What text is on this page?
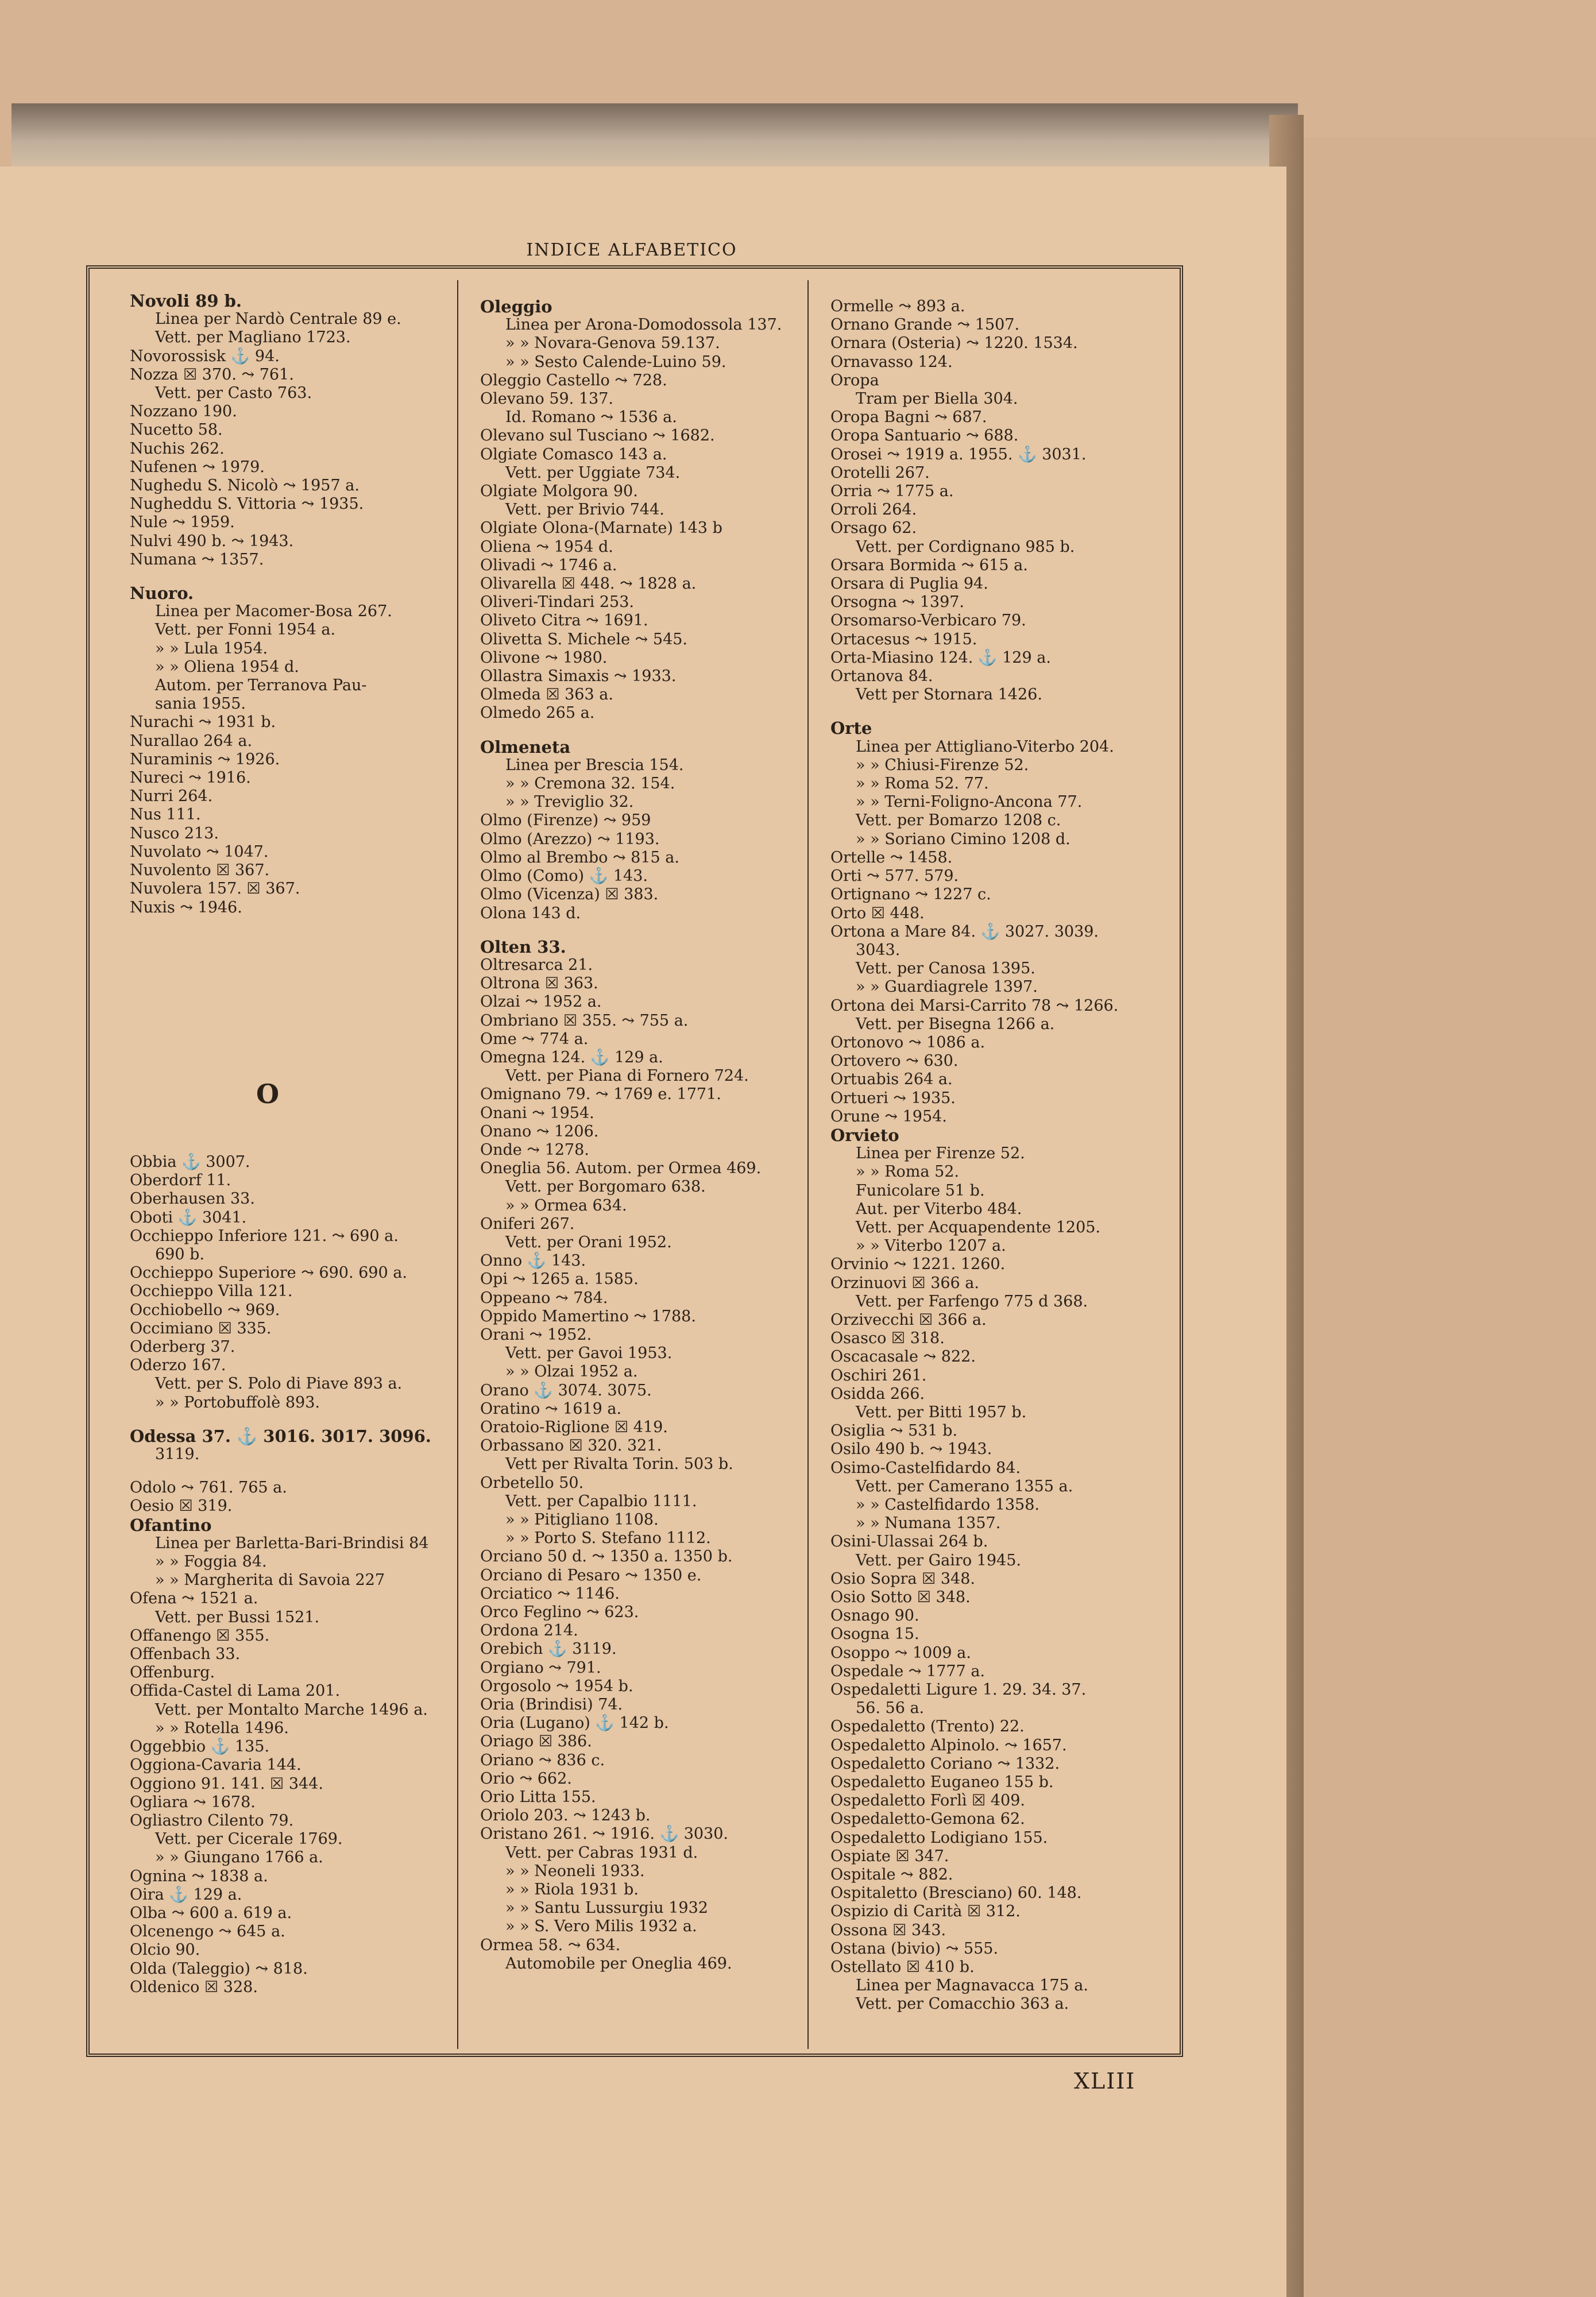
INDICE ALFABETICO
Novoli 89 b.
Linea per Nardò Centrale 89 e.
Vett. per Magliano 1723.
Novorossisk ⚓ 94.
Nozza ☒ 370. ⤳ 761.
Vett. per Casto 763.
Nozzano 190.
Nucetto 58.
Nuchis 262.
Nufenen ⤳ 1979.
Nughedu S. Nicolò ⤳ 1957 a.
Nugheddu S. Vittoria ⤳ 1935.
Nule ⤳ 1959.
Nulvi 490 b. ⤳ 1943.
Numana ⤳ 1357.
Nuoro.
Linea per Macomer-Bosa 267.
Vett. per Fonni 1954 a.
» » Lula 1954.
» » Oliena 1954 d.
Autom. per Terranova Pau-
sania 1955.
Nurachi ⤳ 1931 b.
Nurallao 264 a.
Nuraminis ⤳ 1926.
Nureci ⤳ 1916.
Nurri 264.
Nus 111.
Nusco 213.
Nuvolato ⤳ 1047.
Nuvolento ☒ 367.
Nuvolera 157. ☒ 367.
Nuxis ⤳ 1946.
O
Obbia ⚓ 3007.
Oberdorf 11.
Oberhausen 33.
Oboti ⚓ 3041.
Occhieppo Inferiore 121. ⤳ 690 a.
690 b.
Occhieppo Superiore ⤳ 690. 690 a.
Occhieppo Villa 121.
Occhiobello ⤳ 969.
Occimiano ☒ 335.
Oderberg 37.
Oderzo 167.
Vett. per S. Polo di Piave 893 a.
» » Portobuffolè 893.
Odessa 37. ⚓ 3016. 3017. 3096.
3119.
Odolo ⤳ 761. 765 a.
Oesio ☒ 319.
Ofantino
Linea per Barletta-Bari-Brindisi 84
» » Foggia 84.
» » Margherita di Savoia 227
Ofena ⤳ 1521 a.
Vett. per Bussi 1521.
Offanengo ☒ 355.
Offenbach 33.
Offenburg.
Offida-Castel di Lama 201.
Vett. per Montalto Marche 1496 a.
» » Rotella 1496.
Oggebbio ⚓ 135.
Oggiona-Cavaria 144.
Oggiono 91. 141. ☒ 344.
Ogliara ⤳ 1678.
Ogliastro Cilento 79.
Vett. per Cicerale 1769.
» » Giungano 1766 a.
Ognina ⤳ 1838 a.
Oira ⚓ 129 a.
Olba ⤳ 600 a. 619 a.
Olcenengo ⤳ 645 a.
Olcio 90.
Olda (Taleggio) ⤳ 818.
Oldenico ☒ 328.
Oleggio
Linea per Arona-Domodossola 137.
» » Novara-Genova 59.137.
» » Sesto Calende-Luino 59.
Oleggio Castello ⤳ 728.
Olevano 59. 137.
Id. Romano ⤳ 1536 a.
Olevano sul Tusciano ⤳ 1682.
Olgiate Comasco 143 a.
Vett. per Uggiate 734.
Olgiate Molgora 90.
Vett. per Brivio 744.
Olgiate Olona-(Marnate) 143 b
Oliena ⤳ 1954 d.
Olivadi ⤳ 1746 a.
Olivarella ☒ 448. ⤳ 1828 a.
Oliveri-Tindari 253.
Oliveto Citra ⤳ 1691.
Olivetta S. Michele ⤳ 545.
Olivone ⤳ 1980.
Ollastra Simaxis ⤳ 1933.
Olmeda ☒ 363 a.
Olmedo 265 a.
Olmeneta
Linea per Brescia 154.
» » Cremona 32. 154.
» » Treviglio 32.
Olmo (Firenze) ⤳ 959
Olmo (Arezzo) ⤳ 1193.
Olmo al Brembo ⤳ 815 a.
Olmo (Como) ⚓ 143.
Olmo (Vicenza) ☒ 383.
Olona 143 d.
Olten 33.
Oltresarca 21.
Oltrona ☒ 363.
Olzai ⤳ 1952 a.
Ombriano ☒ 355. ⤳ 755 a.
Ome ⤳ 774 a.
Omegna 124. ⚓ 129 a.
Vett. per Piana di Fornero 724.
Omignano 79. ⤳ 1769 e. 1771.
Onani ⤳ 1954.
Onano ⤳ 1206.
Onde ⤳ 1278.
Oneglia 56. Autom. per Ormea 469.
Vett. per Borgomaro 638.
» » Ormea 634.
Oniferi 267.
Vett. per Orani 1952.
Onno ⚓ 143.
Opi ⤳ 1265 a. 1585.
Oppeano ⤳ 784.
Oppido Mamertino ⤳ 1788.
Orani ⤳ 1952.
Vett. per Gavoi 1953.
» » Olzai 1952 a.
Orano ⚓ 3074. 3075.
Oratino ⤳ 1619 a.
Oratoio-Riglione ☒ 419.
Orbassano ☒ 320. 321.
Vett per Rivalta Torin. 503 b.
Orbetello 50.
Vett. per Capalbio 1111.
» » Pitigliano 1108.
» » Porto S. Stefano 1112.
Orciano 50 d. ⤳ 1350 a. 1350 b.
Orciano di Pesaro ⤳ 1350 e.
Orciatico ⤳ 1146.
Orco Feglino ⤳ 623.
Ordona 214.
Orebich ⚓ 3119.
Orgiano ⤳ 791.
Orgosolo ⤳ 1954 b.
Oria (Brindisi) 74.
Oria (Lugano) ⚓ 142 b.
Oriago ☒ 386.
Oriano ⤳ 836 c.
Orio ⤳ 662.
Orio Litta 155.
Oriolo 203. ⤳ 1243 b.
Oristano 261. ⤳ 1916. ⚓ 3030.
Vett. per Cabras 1931 d.
» » Neoneli 1933.
» » Riola 1931 b.
» » Santu Lussurgiu 1932
» » S. Vero Milis 1932 a.
Ormea 58. ⤳ 634.
Automobile per Oneglia 469.
Ormelle ⤳ 893 a.
Ornano Grande ⤳ 1507.
Ornara (Osteria) ⤳ 1220. 1534.
Ornavasso 124.
Oropa
Tram per Biella 304.
Oropa Bagni ⤳ 687.
Oropa Santuario ⤳ 688.
Orosei ⤳ 1919 a. 1955. ⚓ 3031.
Orotelli 267.
Orria ⤳ 1775 a.
Orroli 264.
Orsago 62.
Vett. per Cordignano 985 b.
Orsara Bormida ⤳ 615 a.
Orsara di Puglia 94.
Orsogna ⤳ 1397.
Orsomarso-Verbicaro 79.
Ortacesus ⤳ 1915.
Orta-Miasino 124. ⚓ 129 a.
Ortanova 84.
Vett per Stornara 1426.
Orte
Linea per Attigliano-Viterbo 204.
» » Chiusi-Firenze 52.
» » Roma 52. 77.
» » Terni-Foligno-Ancona 77.
Vett. per Bomarzo 1208 c.
» » Soriano Cimino 1208 d.
Ortelle ⤳ 1458.
Orti ⤳ 577. 579.
Ortignano ⤳ 1227 c.
Orto ☒ 448.
Ortona a Mare 84. ⚓ 3027. 3039.
3043.
Vett. per Canosa 1395.
» » Guardiagrele 1397.
Ortona dei Marsi-Carrito 78 ⤳ 1266.
Vett. per Bisegna 1266 a.
Ortonovo ⤳ 1086 a.
Ortovero ⤳ 630.
Ortuabis 264 a.
Ortueri ⤳ 1935.
Orune ⤳ 1954.
Orvieto
Linea per Firenze 52.
» » Roma 52.
Funicolare 51 b.
Aut. per Viterbo 484.
Vett. per Acquapendente 1205.
» » Viterbo 1207 a.
Orvinio ⤳ 1221. 1260.
Orzinuovi ☒ 366 a.
Vett. per Farfengo 775 d 368.
Orzivecchi ☒ 366 a.
Osasco ☒ 318.
Oscacasale ⤳ 822.
Oschiri 261.
Osidda 266.
Vett. per Bitti 1957 b.
Osiglia ⤳ 531 b.
Osilo 490 b. ⤳ 1943.
Osimo-Castelfidardo 84.
Vett. per Camerano 1355 a.
» » Castelfidardo 1358.
» » Numana 1357.
Osini-Ulassai 264 b.
Vett. per Gairo 1945.
Osio Sopra ☒ 348.
Osio Sotto ☒ 348.
Osnago 90.
Osogna 15.
Osoppo ⤳ 1009 a.
Ospedale ⤳ 1777 a.
Ospedaletti Ligure 1. 29. 34. 37.
56. 56 a.
Ospedaletto (Trento) 22.
Ospedaletto Alpinolo. ⤳ 1657.
Ospedaletto Coriano ⤳ 1332.
Ospedaletto Euganeo 155 b.
Ospedaletto Forlì ☒ 409.
Ospedaletto-Gemona 62.
Ospedaletto Lodigiano 155.
Ospiate ☒ 347.
Ospitale ⤳ 882.
Ospitaletto (Bresciano) 60. 148.
Ospizio di Carità ☒ 312.
Ossona ☒ 343.
Ostana (bivio) ⤳ 555.
Ostellato ☒ 410 b.
Linea per Magnavacca 175 a.
Vett. per Comacchio 363 a.
XLIII
